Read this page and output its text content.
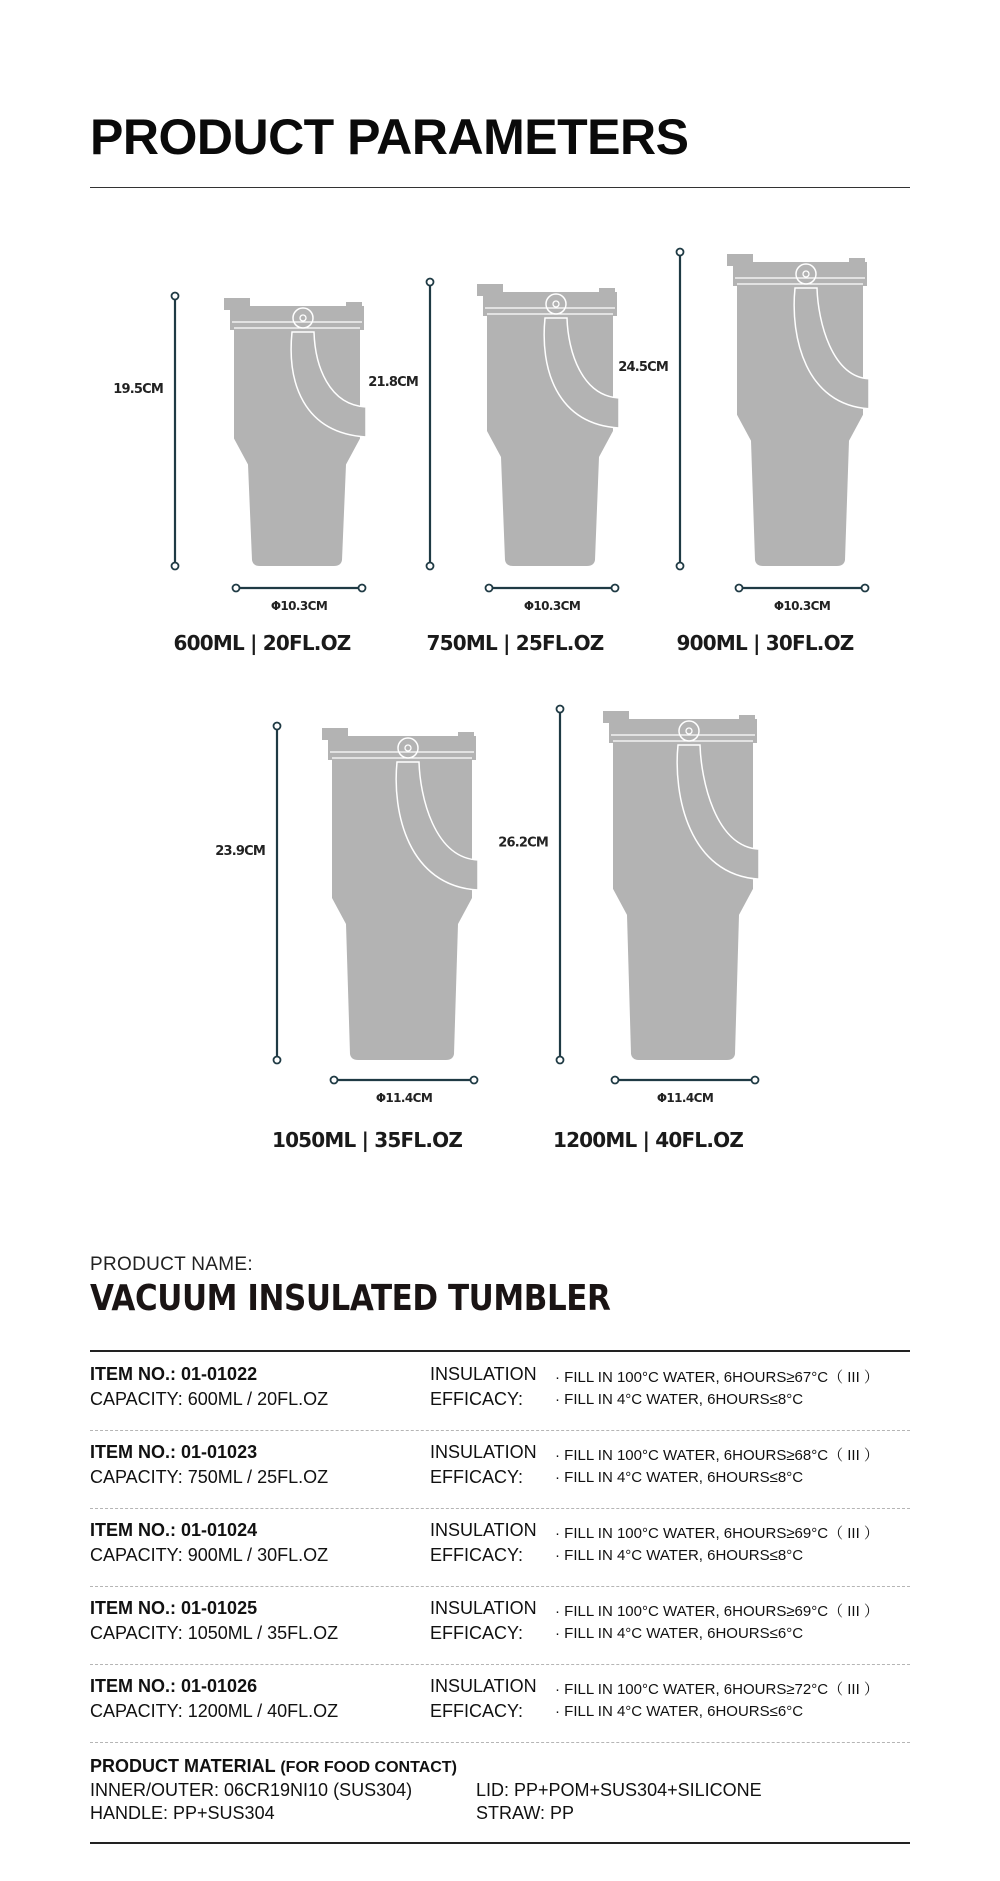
PRODUCT PARAMETERS
19.5CM
Φ10.3CM
600ML | 20FL.OZ
21.8CM
Φ10.3CM
750ML | 25FL.OZ
24.5CM
Φ10.3CM
900ML | 30FL.OZ
23.9CM
Φ11.4CM
1050ML | 35FL.OZ
26.2CM
Φ11.4CM
1200ML | 40FL.OZ
PRODUCT NAME:
VACUUM INSULATED TUMBLER
ITEM NO.: 01-01022
CAPACITY: 600ML / 20FL.OZ
INSULATION
EFFICACY:
· FILL IN 100°C WATER, 6HOURS≥67°C（ III ）
· FILL IN 4°C WATER, 6HOURS≤8°C
ITEM NO.: 01-01023
CAPACITY: 750ML / 25FL.OZ
INSULATION
EFFICACY:
· FILL IN 100°C WATER, 6HOURS≥68°C（ III ）
· FILL IN 4°C WATER, 6HOURS≤8°C
ITEM NO.: 01-01024
CAPACITY: 900ML / 30FL.OZ
INSULATION
EFFICACY:
· FILL IN 100°C WATER, 6HOURS≥69°C（ III ）
· FILL IN 4°C WATER, 6HOURS≤8°C
ITEM NO.: 01-01025
CAPACITY: 1050ML / 35FL.OZ
INSULATION
EFFICACY:
· FILL IN 100°C WATER, 6HOURS≥69°C（ III ）
· FILL IN 4°C WATER, 6HOURS≤6°C
ITEM NO.: 01-01026
CAPACITY: 1200ML / 40FL.OZ
INSULATION
EFFICACY:
· FILL IN 100°C WATER, 6HOURS≥72°C（ III ）
· FILL IN 4°C WATER, 6HOURS≤6°C
PRODUCT MATERIAL (FOR FOOD CONTACT)
INNER/OUTER: 06CR19NI10 (SUS304)	LID: PP+POM+SUS304+SILICONE
HANDLE: PP+SUS304	STRAW: PP
